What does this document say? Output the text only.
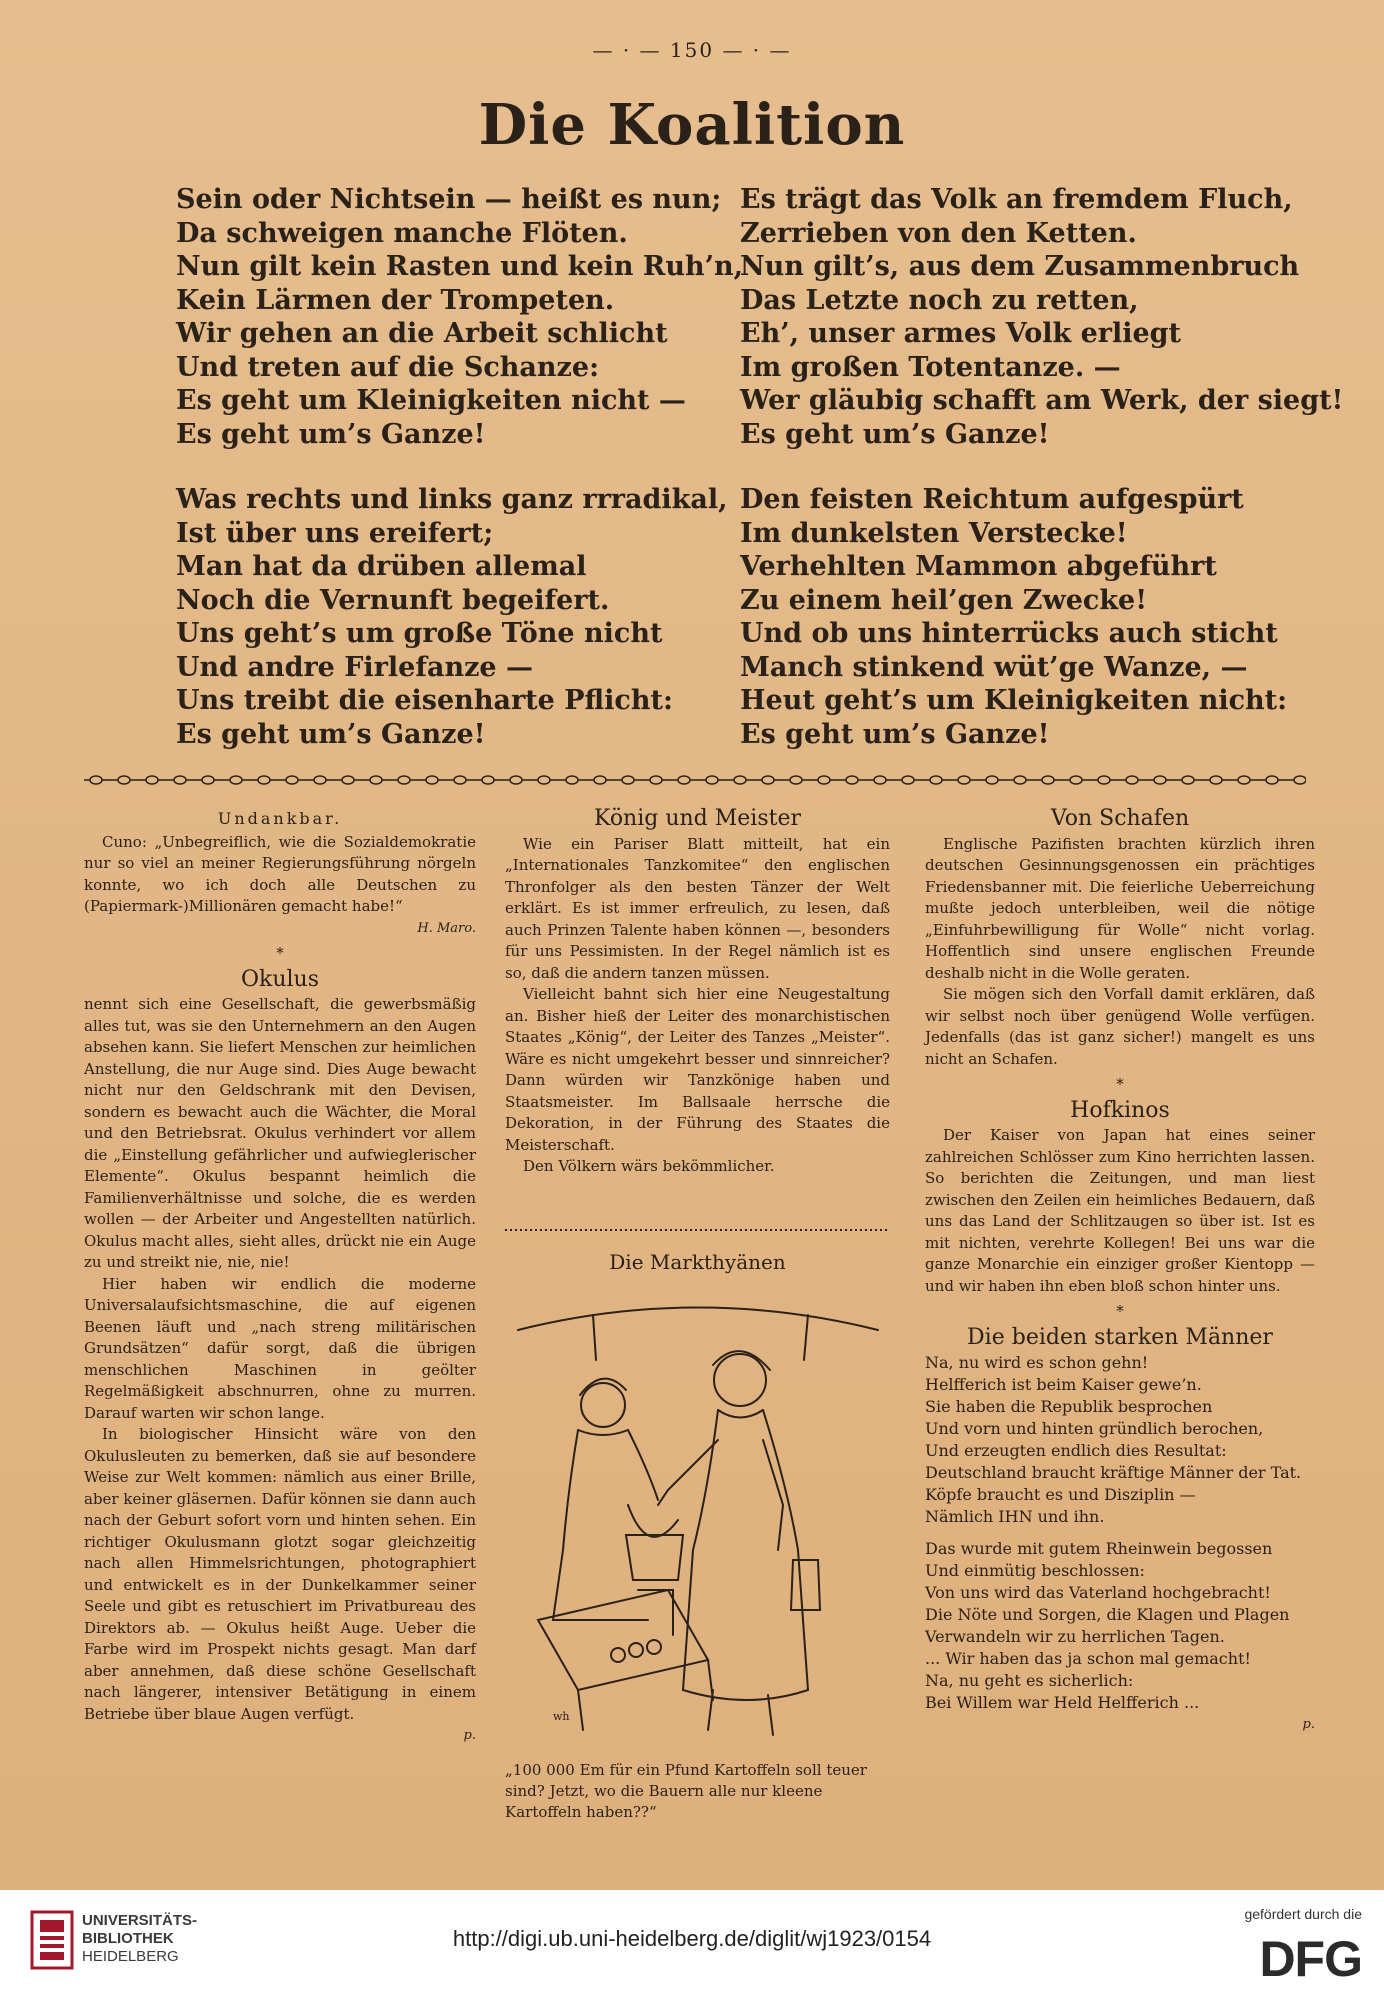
— · — 150 — · —
Die Koalition
Sein oder Nichtsein — heißt es nun;
Da schweigen manche Flöten.
Nun gilt kein Rasten und kein Ruh’n,
Kein Lärmen der Trompeten.
Wir gehen an die Arbeit schlicht
Und treten auf die Schanze:
Es geht um Kleinigkeiten nicht —
Es geht um’s Ganze!
Was rechts und links ganz rrradikal,
Ist über uns ereifert;
Man hat da drüben allemal
Noch die Vernunft begeifert.
Uns geht’s um große Töne nicht
Und andre Firlefanze —
Uns treibt die eisenharte Pflicht:
Es geht um’s Ganze!
Es trägt das Volk an fremdem Fluch,
Zerrieben von den Ketten.
Nun gilt’s, aus dem Zusammenbruch
Das Letzte noch zu retten,
Eh’, unser armes Volk erliegt
Im großen Totentanze. —
Wer gläubig schafft am Werk, der siegt!
Es geht um’s Ganze!
Den feisten Reichtum aufgespürt
Im dunkelsten Verstecke!
Verhehlten Mammon abgeführt
Zu einem heil’gen Zwecke!
Und ob uns hinterrücks auch sticht
Manch stinkend wüt’ge Wanze, —
Heut geht’s um Kleinigkeiten nicht:
Es geht um’s Ganze!
Undankbar.

Cuno: „Unbegreiflich, wie die Sozialdemokratie nur so viel an meiner Regierungsführung nörgeln konnte, wo ich doch alle Deutschen zu (Papiermark-)Millionären gemacht habe!“

H. Maro.
*
Okulus

nennt sich eine Gesellschaft, die gewerbsmäßig alles tut, was sie den Unternehmern an den Augen absehen kann. Sie liefert Menschen zur heimlichen Anstellung, die nur Auge sind. Dies Auge bewacht nicht nur den Geldschrank mit den Devisen, sondern es bewacht auch die Wächter, die Moral und den Betriebsrat. Okulus verhindert vor allem die „Einstellung gefährlicher und aufwieglerischer Elemente“. Okulus bespannt heimlich die Familienverhältnisse und solche, die es werden wollen — der Arbeiter und Angestellten natürlich. Okulus macht alles, sieht alles, drückt nie ein Auge zu und streikt nie, nie, nie!

Hier haben wir endlich die moderne Universalaufsichtsmaschine, die auf eigenen Beenen läuft und „nach streng militärischen Grundsätzen“ dafür sorgt, daß die übrigen menschlichen Maschinen in geölter Regelmäßigkeit abschnurren, ohne zu murren. Darauf warten wir schon lange.

In biologischer Hinsicht wäre von den Okulusleuten zu bemerken, daß sie auf besondere Weise zur Welt kommen: nämlich aus einer Brille, aber keiner gläsernen. Dafür können sie dann auch nach der Geburt sofort vorn und hinten sehen. Ein richtiger Okulusmann glotzt sogar gleichzeitig nach allen Himmelsrichtungen, photographiert und entwickelt es in der Dunkelkammer seiner Seele und gibt es retuschiert im Privatbureau des Direktors ab. — Okulus heißt Auge. Ueber die Farbe wird im Prospekt nichts gesagt. Man darf aber annehmen, daß diese schöne Gesellschaft nach längerer, intensiver Betätigung in einem Betriebe über blaue Augen verfügt.

p.
König und Meister

Wie ein Pariser Blatt mitteilt, hat ein „Internationales Tanzkomitee“ den englischen Thronfolger als den besten Tänzer der Welt erklärt. Es ist immer erfreulich, zu lesen, daß auch Prinzen Talente haben können —, besonders für uns Pessimisten. In der Regel nämlich ist es so, daß die andern tanzen müssen.

Vielleicht bahnt sich hier eine Neugestaltung an. Bisher hieß der Leiter des monarchistischen Staates „König“, der Leiter des Tanzes „Meister“. Wäre es nicht umgekehrt besser und sinnreicher? Dann würden wir Tanzkönige haben und Staatsmeister. Im Ballsaale herrsche die Dekoration, in der Führung des Staates die Meisterschaft.

Den Völkern wärs bekömmlicher.

Die Markthyänen
wh
„100 000 Em für ein Pfund Kartoffeln soll teuer sind? Jetzt, wo die Bauern alle nur kleene Kartoffeln haben??“
Von Schafen

Englische Pazifisten brachten kürzlich ihren deutschen Gesinnungsgenossen ein prächtiges Friedensbanner mit. Die feierliche Ueberreichung mußte jedoch unterbleiben, weil die nötige „Einfuhrbewilligung für Wolle“ nicht vorlag. Hoffentlich sind unsere englischen Freunde deshalb nicht in die Wolle geraten.

Sie mögen sich den Vorfall damit erklären, daß wir selbst noch über genügend Wolle verfügen. Jedenfalls (das ist ganz sicher!) mangelt es uns nicht an Schafen.

*
Hofkinos

Der Kaiser von Japan hat eines seiner zahlreichen Schlösser zum Kino herrichten lassen. So berichten die Zeitungen, und man liest zwischen den Zeilen ein heimliches Bedauern, daß uns das Land der Schlitzaugen so über ist. Ist es mit nichten, verehrte Kollegen! Bei uns war die ganze Monarchie ein einziger großer Kientopp — und wir haben ihn eben bloß schon hinter uns.

*
Die beiden starken Männer
Na, nu wird es schon gehn!
Helfferich ist beim Kaiser gewe’n.
Sie haben die Republik besprochen
Und vorn und hinten gründlich berochen,
Und erzeugten endlich dies Resultat:
Deutschland braucht kräftige Männer der Tat.
Köpfe braucht es und Disziplin —
Nämlich IHN und ihn.
Das wurde mit gutem Rheinwein begossen
Und einmütig beschlossen:
Von uns wird das Vaterland hochgebracht!
Die Nöte und Sorgen, die Klagen und Plagen
Verwandeln wir zu herrlichen Tagen.
... Wir haben das ja schon mal gemacht!
Na, nu geht es sicherlich:
Bei Willem war Held Helfferich ...
p.
UNIVERSITÄTS-
BIBLIOTHEK
HEIDELBERG
http://digi.ub.uni-heidelberg.de/diglit/wj1923/0154
gefördert durch die
DFG
